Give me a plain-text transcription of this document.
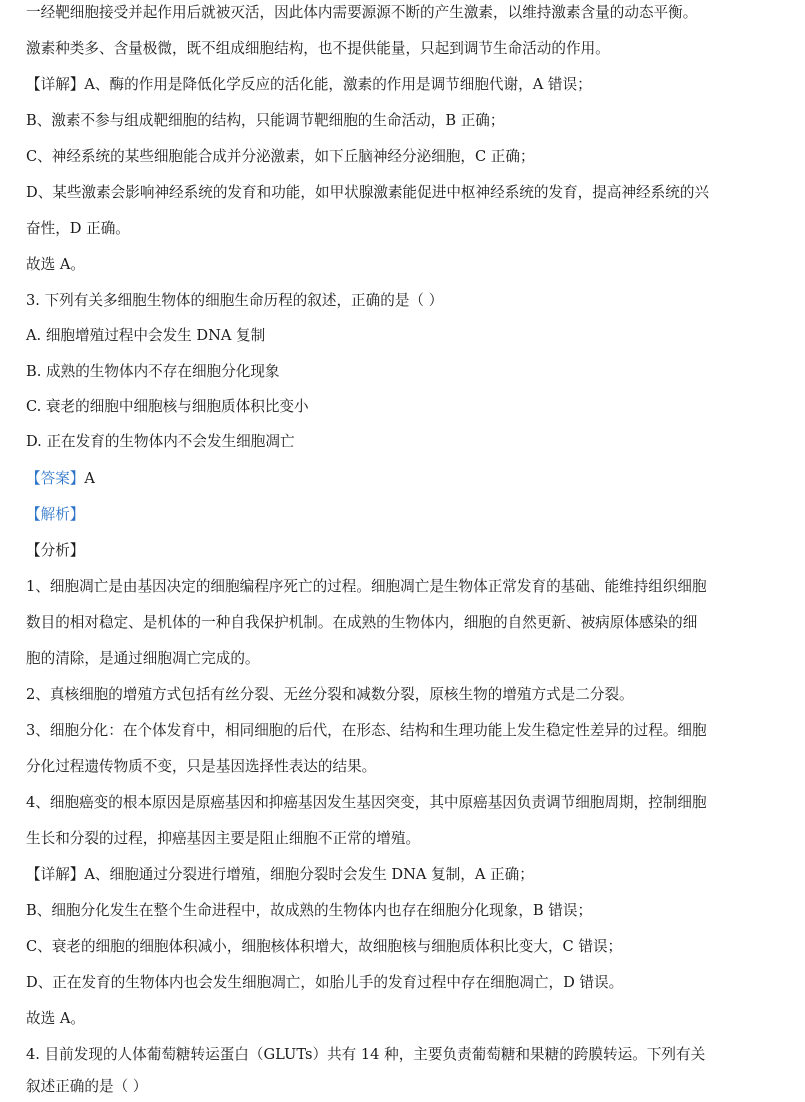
一经靶细胞接受并起作用后就被灭活，因此体内需要源源不断的产生激素，以维持激素含量的动态平衡。
激素种类多、含量极微，既不组成细胞结构，也不提供能量，只起到调节生命活动的作用。
【详解】A、酶的作用是降低化学反应的活化能，激素的作用是调节细胞代谢，A 错误；
B、激素不参与组成靶细胞的结构，只能调节靶细胞的生命活动，B 正确；
C、神经系统的某些细胞能合成并分泌激素，如下丘脑神经分泌细胞，C 正确；
D、某些激素会影响神经系统的发育和功能，如甲状腺激素能促进中枢神经系统的发育，提高神经系统的兴
奋性，D 正确。
故选 A。
3. 下列有关多细胞生物体的细胞生命历程的叙述，正确的是（ ）
A. 细胞增殖过程中会发生 DNA 复制
B. 成熟的生物体内不存在细胞分化现象
C. 衰老的细胞中细胞核与细胞质体积比变小
D. 正在发育的生物体内不会发生细胞凋亡
【答案】A
【解析】
【分析】
1、细胞凋亡是由基因决定的细胞编程序死亡的过程。细胞凋亡是生物体正常发育的基础、能维持组织细胞
数目的相对稳定、是机体的一种自我保护机制。在成熟的生物体内，细胞的自然更新、被病原体感染的细
胞的清除，是通过细胞凋亡完成的。
2、真核细胞的增殖方式包括有丝分裂、无丝分裂和减数分裂，原核生物的增殖方式是二分裂。
3、细胞分化：在个体发育中，相同细胞的后代，在形态、结构和生理功能上发生稳定性差异的过程。细胞
分化过程遗传物质不变，只是基因选择性表达的结果。
4、细胞癌变的根本原因是原癌基因和抑癌基因发生基因突变，其中原癌基因负责调节细胞周期，控制细胞
生长和分裂的过程，抑癌基因主要是阻止细胞不正常的增殖。
【详解】A、细胞通过分裂进行增殖，细胞分裂时会发生 DNA 复制，A 正确；
B、细胞分化发生在整个生命进程中，故成熟的生物体内也存在细胞分化现象，B 错误；
C、衰老的细胞的细胞体积减小，细胞核体积增大，故细胞核与细胞质体积比变大，C 错误；
D、正在发育的生物体内也会发生细胞凋亡，如胎儿手的发育过程中存在细胞凋亡，D 错误。
故选 A。
4. 目前发现的人体葡萄糖转运蛋白（GLUTs）共有 14 种，主要负责葡萄糖和果糖的跨膜转运。下列有关
叙述正确的是（ ）
